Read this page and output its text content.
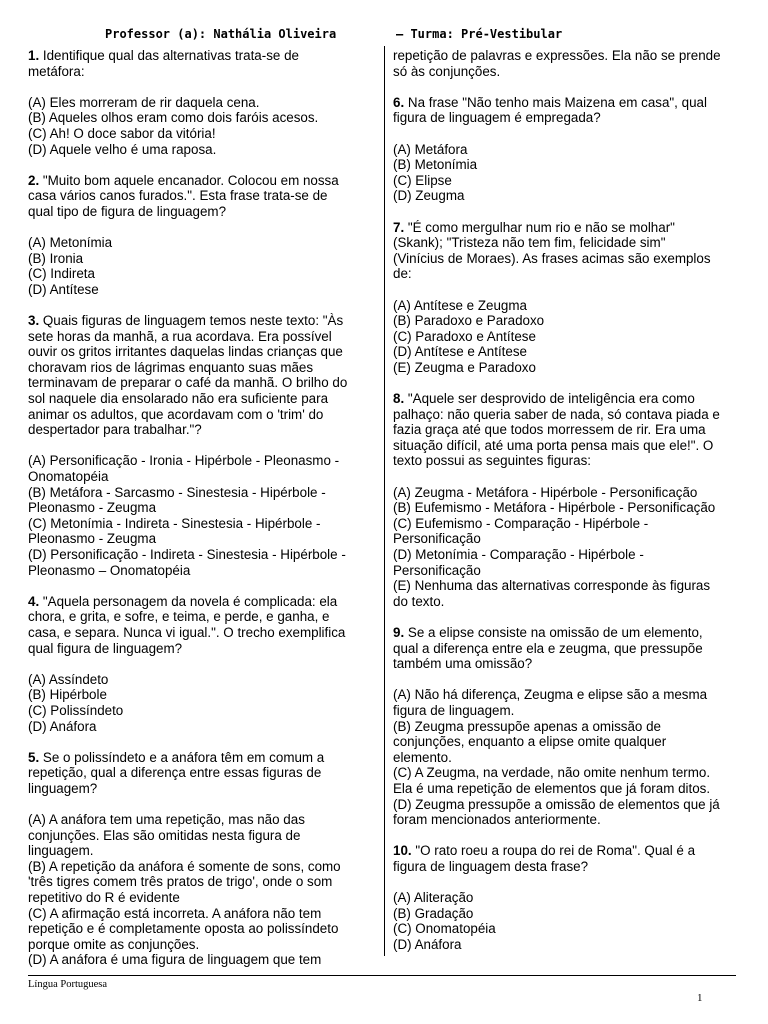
Professor (a): Nathália Oliveira	– Turma: Pré-Vestibular
1. Identifique qual das alternativas trata-se de
metáfora:
(A) Eles morreram de rir daquela cena.
(B) Aqueles olhos eram como dois faróis acesos.
(C) Ah! O doce sabor da vitória!
(D) Aquele velho é uma raposa.
2. "Muito bom aquele encanador. Colocou em nossa
casa vários canos furados.". Esta frase trata-se de
qual tipo de figura de linguagem?
(A) Metonímia
(B) Ironia
(C) Indireta
(D) Antítese
3. Quais figuras de linguagem temos neste texto: "Às
sete horas da manhã, a rua acordava. Era possível
ouvir os gritos irritantes daquelas lindas crianças que
choravam rios de lágrimas enquanto suas mães
terminavam de preparar o café da manhã. O brilho do
sol naquele dia ensolarado não era suficiente para
animar os adultos, que acordavam com o 'trim' do
despertador para trabalhar."?
(A) Personificação - Ironia - Hipérbole - Pleonasmo -
Onomatopéia
(B) Metáfora - Sarcasmo - Sinestesia - Hipérbole -
Pleonasmo - Zeugma
(C) Metonímia - Indireta - Sinestesia - Hipérbole -
Pleonasmo - Zeugma
(D) Personificação - Indireta - Sinestesia - Hipérbole -
Pleonasmo – Onomatopéia
4. "Aquela personagem da novela é complicada: ela
chora, e grita, e sofre, e teima, e perde, e ganha, e
casa, e separa. Nunca vi igual.". O trecho exemplifica
qual figura de linguagem?
(A) Assíndeto
(B) Hipérbole
(C) Polissíndeto
(D) Anáfora
5. Se o polissíndeto e a anáfora têm em comum a
repetição, qual a diferença entre essas figuras de
linguagem?
(A) A anáfora tem uma repetição, mas não das
conjunções. Elas são omitidas nesta figura de
linguagem.
(B) A repetição da anáfora é somente de sons, como
'três tigres comem três pratos de trigo', onde o som
repetitivo do R é evidente
(C) A afirmação está incorreta. A anáfora não tem
repetição e é completamente oposta ao polissíndeto
porque omite as conjunções.
(D) A anáfora é uma figura de linguagem que tem
repetição de palavras e expressões. Ela não se prende
só às conjunções.
6. Na frase "Não tenho mais Maizena em casa", qual
figura de linguagem é empregada?
(A) Metáfora
(B) Metonímia
(C) Elipse
(D) Zeugma
7. "É como mergulhar num rio e não se molhar"
(Skank); "Tristeza não tem fim, felicidade sim"
(Vinícius de Moraes). As frases acimas são exemplos
de:
(A) Antítese e Zeugma
(B) Paradoxo e Paradoxo
(C) Paradoxo e Antítese
(D) Antítese e Antítese
(E) Zeugma e Paradoxo
8. "Aquele ser desprovido de inteligência era como
palhaço: não queria saber de nada, só contava piada e
fazia graça até que todos morressem de rir. Era uma
situação difícil, até uma porta pensa mais que ele!". O
texto possui as seguintes figuras:
(A) Zeugma - Metáfora - Hipérbole - Personificação
(B) Eufemismo - Metáfora - Hipérbole - Personificação
(C) Eufemismo - Comparação - Hipérbole -
Personificação
(D) Metonímia - Comparação - Hipérbole -
Personificação
(E) Nenhuma das alternativas corresponde às figuras
do texto.
9. Se a elipse consiste na omissão de um elemento,
qual a diferença entre ela e zeugma, que pressupõe
também uma omissão?
(A) Não há diferença, Zeugma e elipse são a mesma
figura de linguagem.
(B) Zeugma pressupõe apenas a omissão de
conjunções, enquanto a elipse omite qualquer
elemento.
(C) A Zeugma, na verdade, não omite nenhum termo.
Ela é uma repetição de elementos que já foram ditos.
(D) Zeugma pressupõe a omissão de elementos que já
foram mencionados anteriormente.
10. "O rato roeu a roupa do rei de Roma". Qual é a
figura de linguagem desta frase?
(A) Aliteração
(B) Gradação
(C) Onomatopéia
(D) Anáfora
Língua Portuguesa
1
